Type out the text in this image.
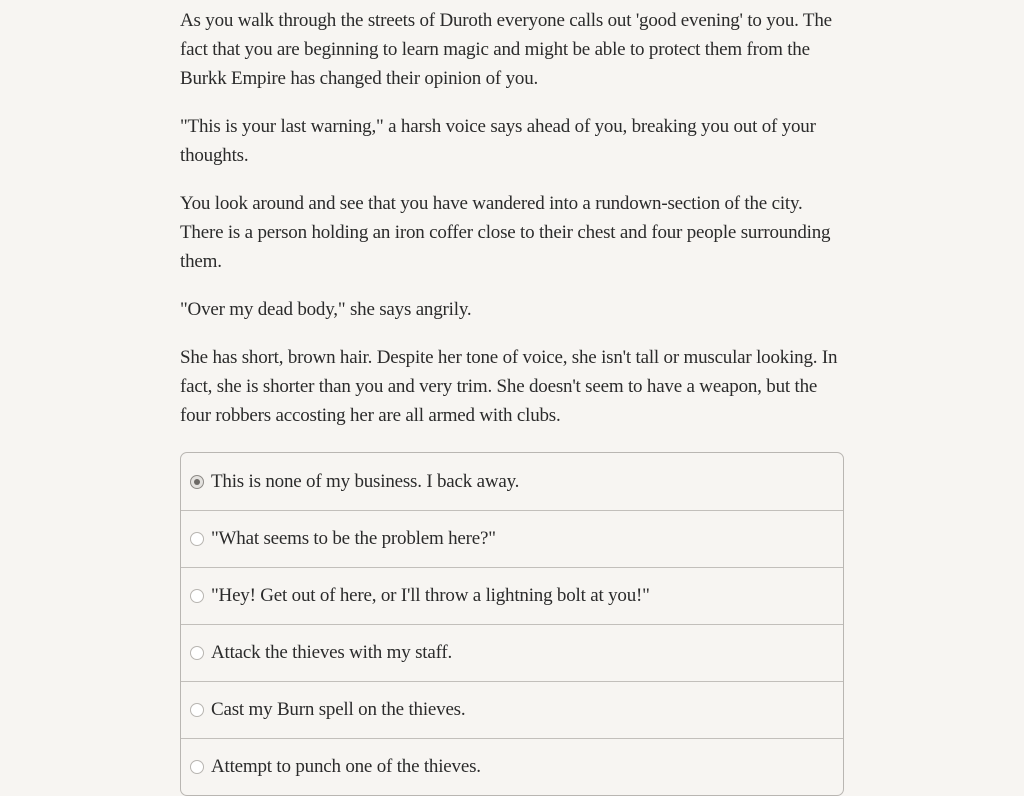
As you walk through the streets of Duroth everyone calls out 'good evening' to you. The fact that you are beginning to learn magic and might be able to protect them from the Burkk Empire has changed their opinion of you.

"This is your last warning," a harsh voice says ahead of you, breaking you out of your thoughts.

You look around and see that you have wandered into a rundown-section of the city. There is a person holding an iron coffer close to their chest and four people surrounding them.

"Over my dead body," she says angrily.

She has short, brown hair. Despite her tone of voice, she isn't tall or muscular looking. In fact, she is shorter than you and very trim. She doesn't seem to have a weapon, but the four robbers accosting her are all armed with clubs.

This is none of my business. I back away.
"What seems to be the problem here?"
"Hey! Get out of here, or I'll throw a lightning bolt at you!"
Attack the thieves with my staff.
Cast my Burn spell on the thieves.
Attempt to punch one of the thieves.
